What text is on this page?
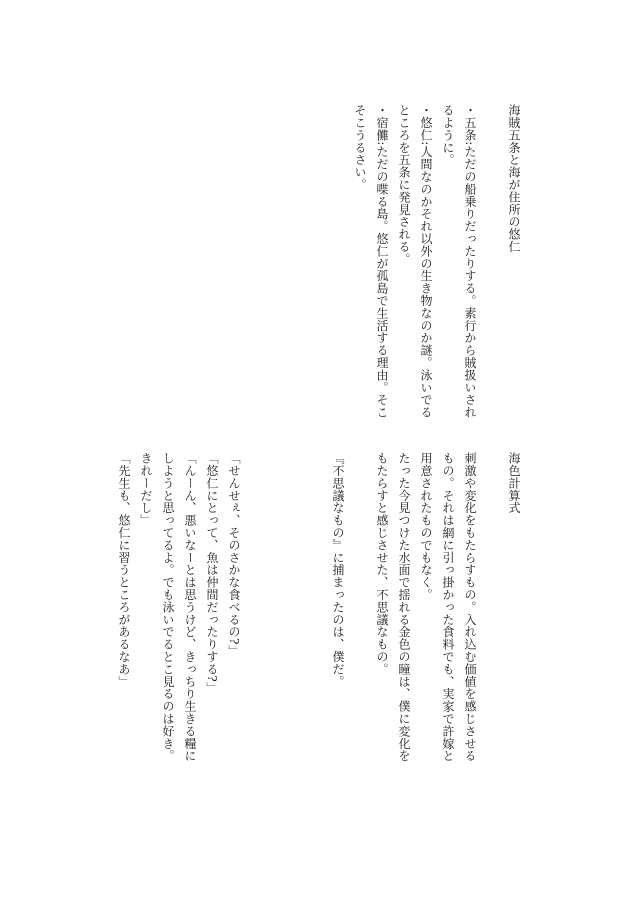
海賊五条と海が住所の悠仁
・五条:ただの船乗りだったりする。素行から賊扱いされ
るように。
・悠仁:人間なのかそれ以外の生き物なのか謎。泳いでる
ところを五条に発見される。
・宿儺:ただの喋る島。悠仁が孤島で生活する理由。そこ
そこうるさい。
海色計算式
刺激や変化をもたらすもの。入れ込む価値を感じさせる
もの。それは網に引っ掛かった食料でも、実家で許嫁と
用意されたものでもなく。
たった今見つけた水面で揺れる金色の瞳は、僕に変化を
もたらすと感じさせた、不思議なもの。
『不思議なもの』に捕まったのは、僕だ。
「せんせぇ、そのさかな食べるの?」
「悠仁にとって、魚は仲間だったりする?」
「んーん、悪いなーとは思うけど、きっちり生きる糧に
しようと思ってるよ。でも泳いでるとこ見るのは好き。
きれーだし」
「先生も、悠仁に習うところがあるなあ」
